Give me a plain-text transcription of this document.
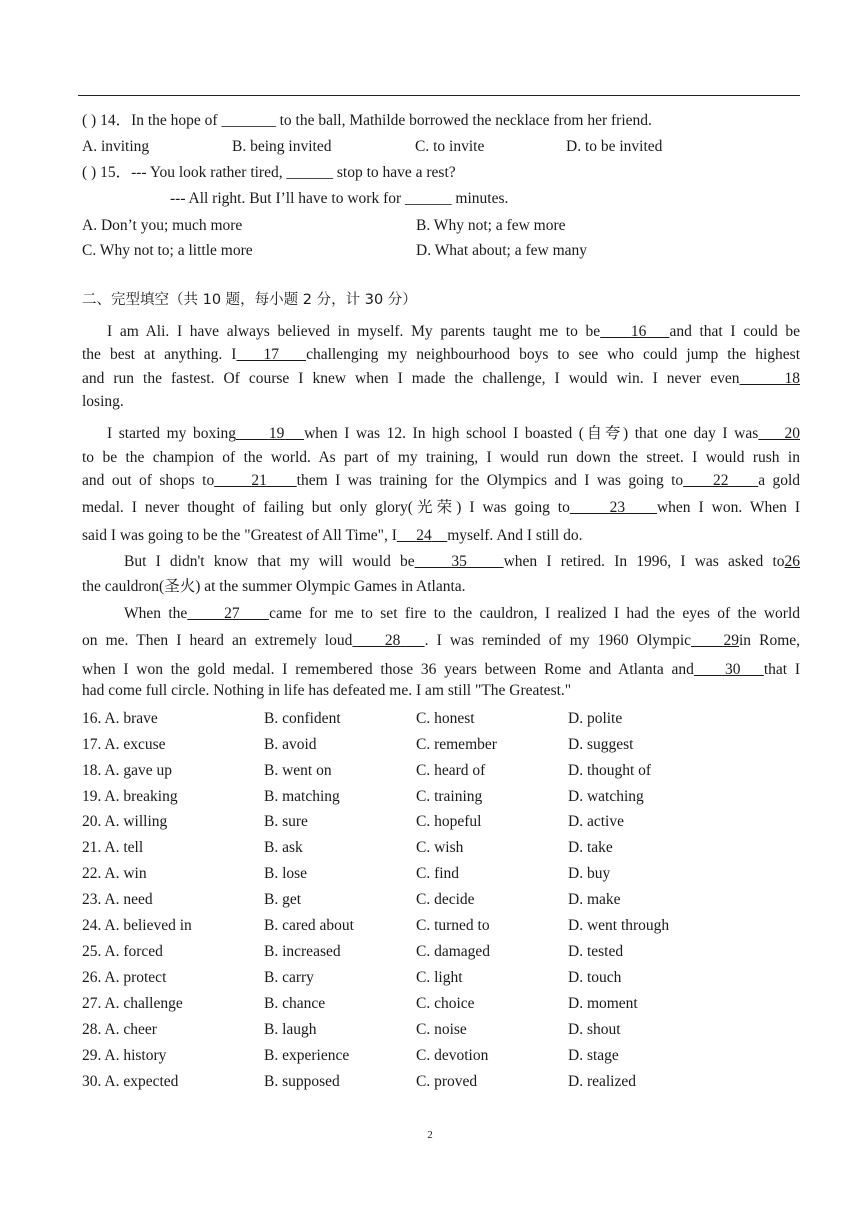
( ) 14．In the hope of _______ to the ball, Mathilde borrowed the necklace from her friend.
A. inviting	B. being invited	C. to invite	D. to be invited
( ) 15．--- You look rather tired, ______ stop to have a rest?
--- All right. But I’ll have to work for ______ minutes.
A. Don’t you; much more	B. Why not; a few more
C. Why not to; a little more	D. What about; a few many
二、完型填空（共 10 题，每小题 2 分，计 30 分）
I am Ali. I have always believed in myself. My parents taught me to be 16 and that I could be
the best at anything. I 17 challenging my neighbourhood boys to see who could jump the highest
and run the fastest. Of course I knew when I made the challenge, I would win. I never even	18
losing.
I started my boxing 19 when I was 12. In high school I boasted (自夸) that one day I was 20
to be the champion of the world. As part of my training, I would run down the street. I would rush in
and out of shops to 21 them I was training for the Olympics and I was going to 22 a gold
medal. I never thought of failing but only glory(光荣) I was going to	23 when I won. When I
said I was going to be the "Greatest of All Time", I 24 myself. And I still do.
But I didn't know that my will would be 35 when I retired. In 1996, I was asked to26
the cauldron(圣火) at the summer Olympic Games in Atlanta.
When the 27 came for me to set fire to the cauldron, I realized I had the eyes of the world
on me. Then I heard an extremely loud 28 . I was reminded of my 1960 Olympic 29in Rome,
when I won the gold medal. I remembered those 36 years between Rome and Atlanta and 30 that I
had come full circle. Nothing in life has defeated me. I am still "The Greatest."
16. A. brave	B. confident	C. honest	D. polite
17. A. excuse	B. avoid	C. remember	D. suggest
18. A. gave up	B. went on	C. heard of	D. thought of
19. A. breaking	B. matching	C. training	D. watching
20. A. willing	B. sure	C. hopeful	D. active
21. A. tell	B. ask	C. wish	D. take
22. A. win	B. lose	C. find	D. buy
23. A. need	B. get	C. decide	D. make
24. A. believed in	B. cared about	C. turned to	D. went through
25. A. forced	B. increased	C. damaged	D. tested
26. A. protect	B. carry	C. light	D. touch
27. A. challenge	B. chance	C. choice	D. moment
28. A. cheer	B. laugh	C. noise	D. shout
29. A. history	B. experience	C. devotion	D. stage
30. A. expected	B. supposed	C. proved	D. realized
2
